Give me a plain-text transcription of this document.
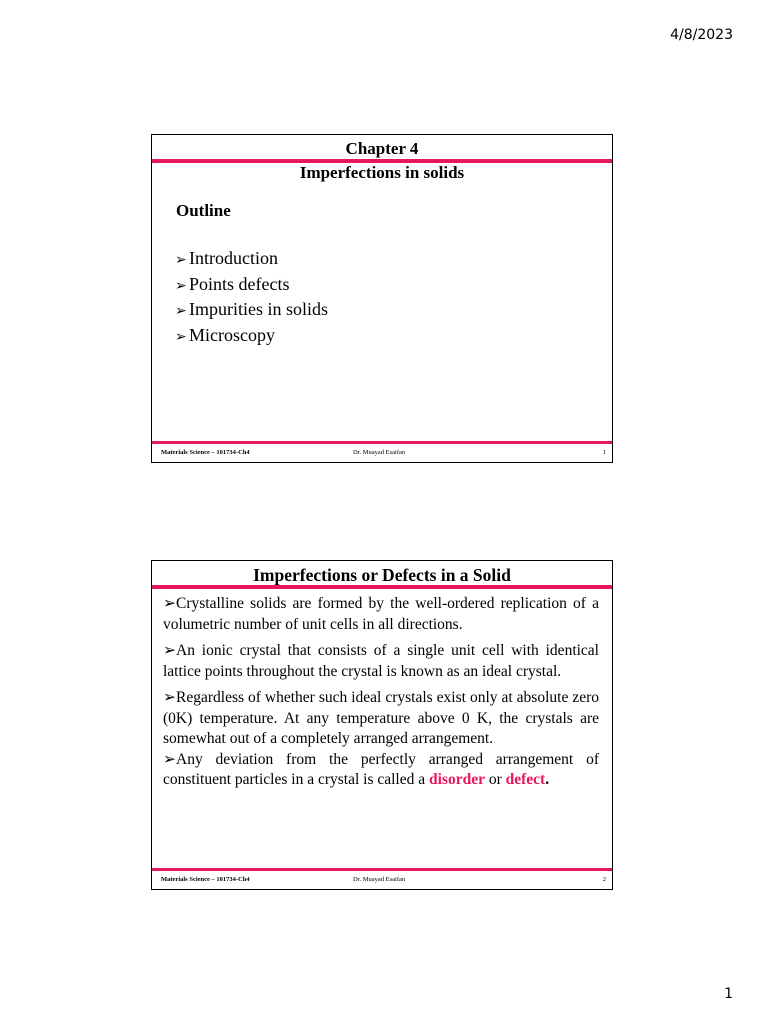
4/8/2023
Chapter 4
Imperfections in solids
Outline
➢ Introduction
➢ Points defects
➢ Impurities in solids
➢ Microscopy
Materials Science – 101734-Ch4	Dr. Muayad Esaifan	1
Imperfections or Defects in a Solid

➢Crystalline solids are formed by the well-ordered replication of a volumetric number of unit cells in all directions.

➢An ionic crystal that consists of a single unit cell with identical lattice points throughout the crystal is known as an ideal crystal.

➢Regardless of whether such ideal crystals exist only at absolute zero (0K) temperature. At any temperature above 0 K, the crystals are somewhat out of a completely arranged arrangement.

➢Any deviation from the perfectly arranged arrangement of constituent particles in a crystal is called a disorder or defect.

Materials Science – 101734-Ch4	Dr. Muayad Esaifan	2
1
